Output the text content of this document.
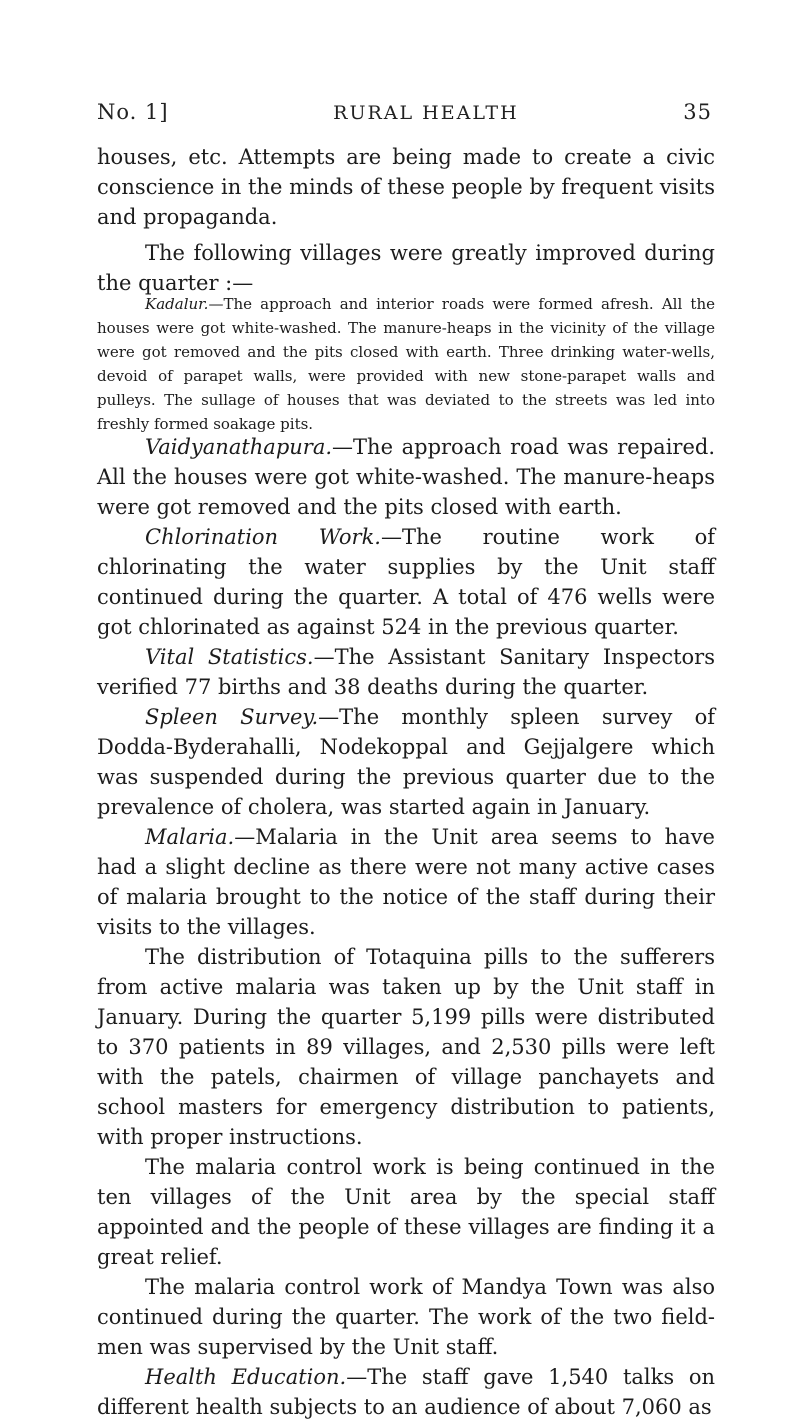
No. 1]	RURAL HEALTH	35

houses, etc. Attempts are being made to create a civic conscience in the minds of these people by frequent visits and propaganda.

The following villages were greatly improved during the quarter :—

Kadalur.—The approach and interior roads were formed afresh. All the houses were got white-washed. The manure-heaps in the vicinity of the village were got removed and the pits closed with earth. Three drinking water-wells, devoid of parapet walls, were provided with new stone-parapet walls and pulleys. The sullage of houses that was deviated to the streets was led into freshly formed soakage pits.

Vaidyanathapura.—The approach road was repaired. All the houses were got white-washed. The manure-heaps were got removed and the pits closed with earth.

Chlorination Work.—The routine work of chlorinating the water supplies by the Unit staff continued during the quarter. A total of 476 wells were got chlorinated as against 524 in the previous quarter.

Vital Statistics.—The Assistant Sanitary Inspectors verified 77 births and 38 deaths during the quarter.

Spleen Survey.—The monthly spleen survey of Dodda-Byderahalli, Nodekoppal and Gejjalgere which was suspended during the previous quarter due to the prevalence of cholera, was started again in January.

Malaria.—Malaria in the Unit area seems to have had a slight decline as there were not many active cases of malaria brought to the notice of the staff during their visits to the villages.

The distribution of Totaquina pills to the sufferers from active malaria was taken up by the Unit staff in January. During the quarter 5,199 pills were distributed to 370 patients in 89 villages, and 2,530 pills were left with the patels, chairmen of village panchayets and school masters for emergency distribution to patients, with proper instructions.

The malaria control work is being continued in the ten villages of the Unit area by the special staff appointed and the people of these villages are finding it a great relief.

The malaria control work of Mandya Town was also continued during the quarter. The work of the two field-men was supervised by the Unit staff.

Health Education.—The staff gave 1,540 talks on different health subjects to an audience of about 7,060 as
